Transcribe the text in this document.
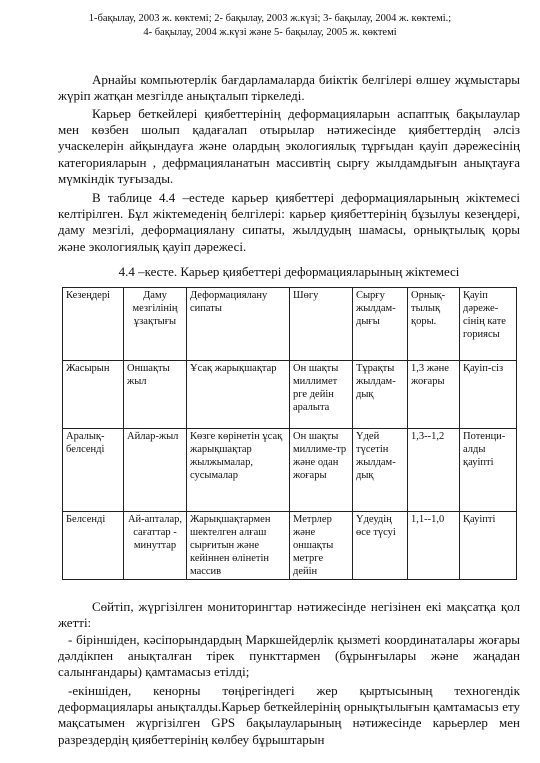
1-бақылау, 2003 ж. көктемі; 2- бақылау, 2003 ж.күзі; 3- бақылау, 2004 ж. көктемі.;
4- бақылау, 2004 ж.күзі және 5- бақылау, 2005 ж. көктемі
Арнайы компьютерлік бағдарламаларда биіктік белгілері өлшеу жұмыстары жүріп жатқан мезгілде анықталып тіркеледі.
Карьер беткейлері қиябеттерінің деформацияларын аспаптық бақылаулар мен көзбен шолып қадағалап отырылар нәтижесінде қиябеттердің әлсіз учаскелерін айқындауға және олардың экологиялық тұрғыдан қауіп дәрежесінің категорияларын , дефрмацияланатын массивтің сырғу жылдамдығын анықтауға мүмкіндік туғызады.
В таблице 4.4 –естеде карьер қиябеттері деформацияларының жіктемесі келтірілген. Бұл жіктемеденің белгілері: карьер қиябеттерінің бұзылуы кезеңдері, даму мезгілі, деформациялану сипаты, жылдудың шамасы, орнықтылық қоры және экологиялық қауіп дәрежесі.
4.4 –кесте. Карьер қиябеттері деформацияларының жіктемесі
Кезеңдері	Даму мезгілінің ұзақтығы	Деформациялану сипаты	Шөгу	Сырғу жылдам-дығы	Орнық-тылық қоры.	Қауіп дәреже-сінің кате гориясы
Жасырын	Оншақты жыл	Ұсақ жарықшақтар	Он шақты миллимет рге дейін аралыта	Тұрақты жылдам-дық	1,3 және жоғары	Қауіп-сіз
Аралық-белсенді	Айлар-жыл	Көзге көрінетін ұсақ жарықшақтар жылжымалар, сусымалар	Он шақты миллиме-тр және одан жоғары	Үдей түсетін жылдам-дық	1,3--1,2	Потенци-алды қауіпті
Белсенді	Ай-апталар, сағаттар - минуттар	Жарықшақтармен шектелген алғаш сырғитын және кейіннен өлінетін массив	Метрлер және оншақты метрге дейін	Үдеудің өсе түсуі	1,1--1,0	Қауіпті
Сөйтіп, жүргізілген мониторингтар нәтижесінде негізінен екі мақсатқа қол жетті:
- біріншіден, кәсіпорындардың Маркшейдерлік қызметі координаталары жоғары дәлдікпен анықталған тірек пункттармен (бұрынғылары және жаңадан салынғандары) қамтамасыз етілді;
-екіншіден, кенорны төңірегіндегі жер қыртысының техногендік деформациялары анықталды.Карьер беткейлерінің орнықтылығын қамтамасыз ету мақсатымен жүргізілген GPS бақылауларының нәтижесінде карьерлер мен разрездердің қиябеттерінің көлбеу бұрыштарын
